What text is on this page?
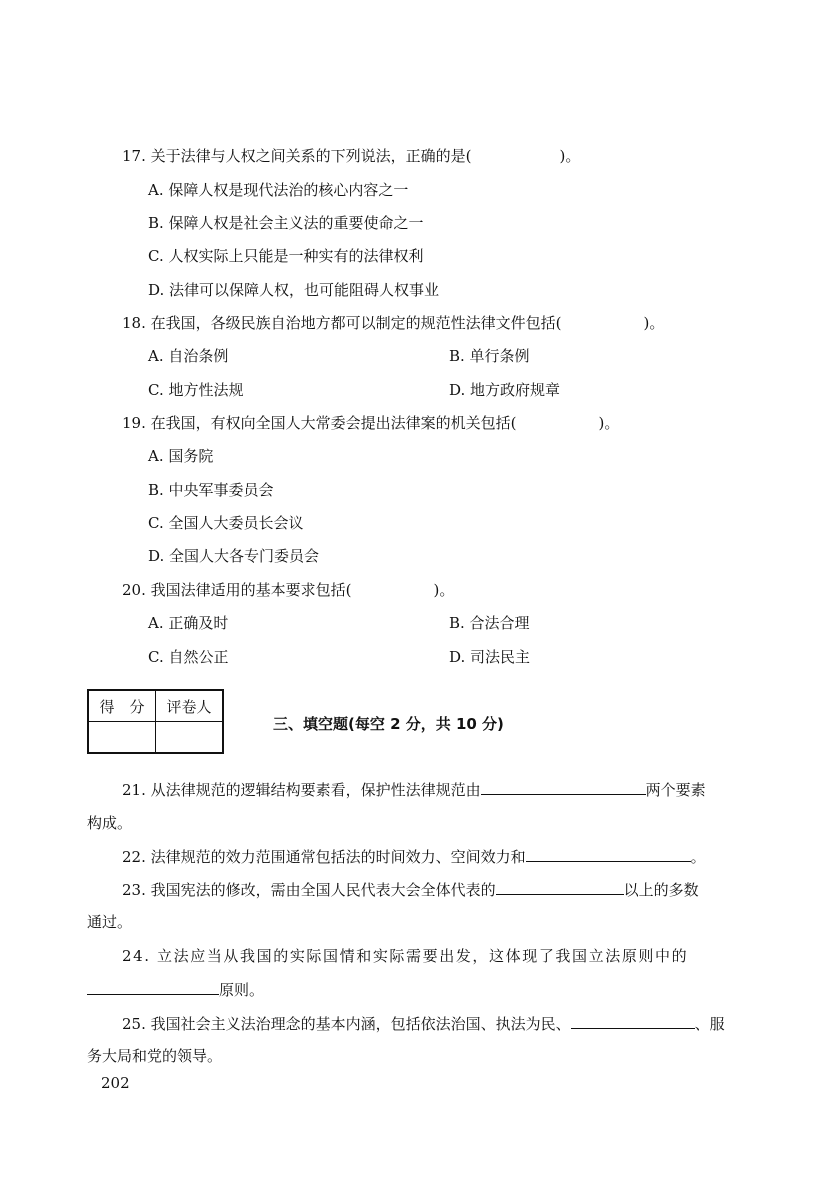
17. 关于法律与人权之间关系的下列说法，正确的是(	)。
A. 保障人权是现代法治的核心内容之一
B. 保障人权是社会主义法的重要使命之一
C. 人权实际上只能是一种实有的法律权利
D. 法律可以保障人权，也可能阻碍人权事业
18. 在我国，各级民族自治地方都可以制定的规范性法律文件包括(	)。
A. 自治条例	B. 单行条例
C. 地方性法规	D. 地方政府规章
19. 在我国，有权向全国人大常委会提出法律案的机关包括(	)。
A. 国务院
B. 中央军事委员会
C. 全国人大委员长会议
D. 全国人大各专门委员会
20. 我国法律适用的基本要求包括(	)。
A. 正确及时	B. 合法合理
C. 自然公正	D. 司法民主
得　分	评卷人

三、填空题(每空 2 分，共 10 分)
21. 从法律规范的逻辑结构要素看，保护性法律规范由	两个要素
构成。
22. 法律规范的效力范围通常包括法的时间效力、空间效力和	。
23. 我国宪法的修改，需由全国人民代表大会全体代表的	以上的多数
通过。
24. 立法应当从我国的实际国情和实际需要出发，这体现了我国立法原则中的
原则。
25. 我国社会主义法治理念的基本内涵，包括依法治国、执法为民、	、服
务大局和党的领导。
202
